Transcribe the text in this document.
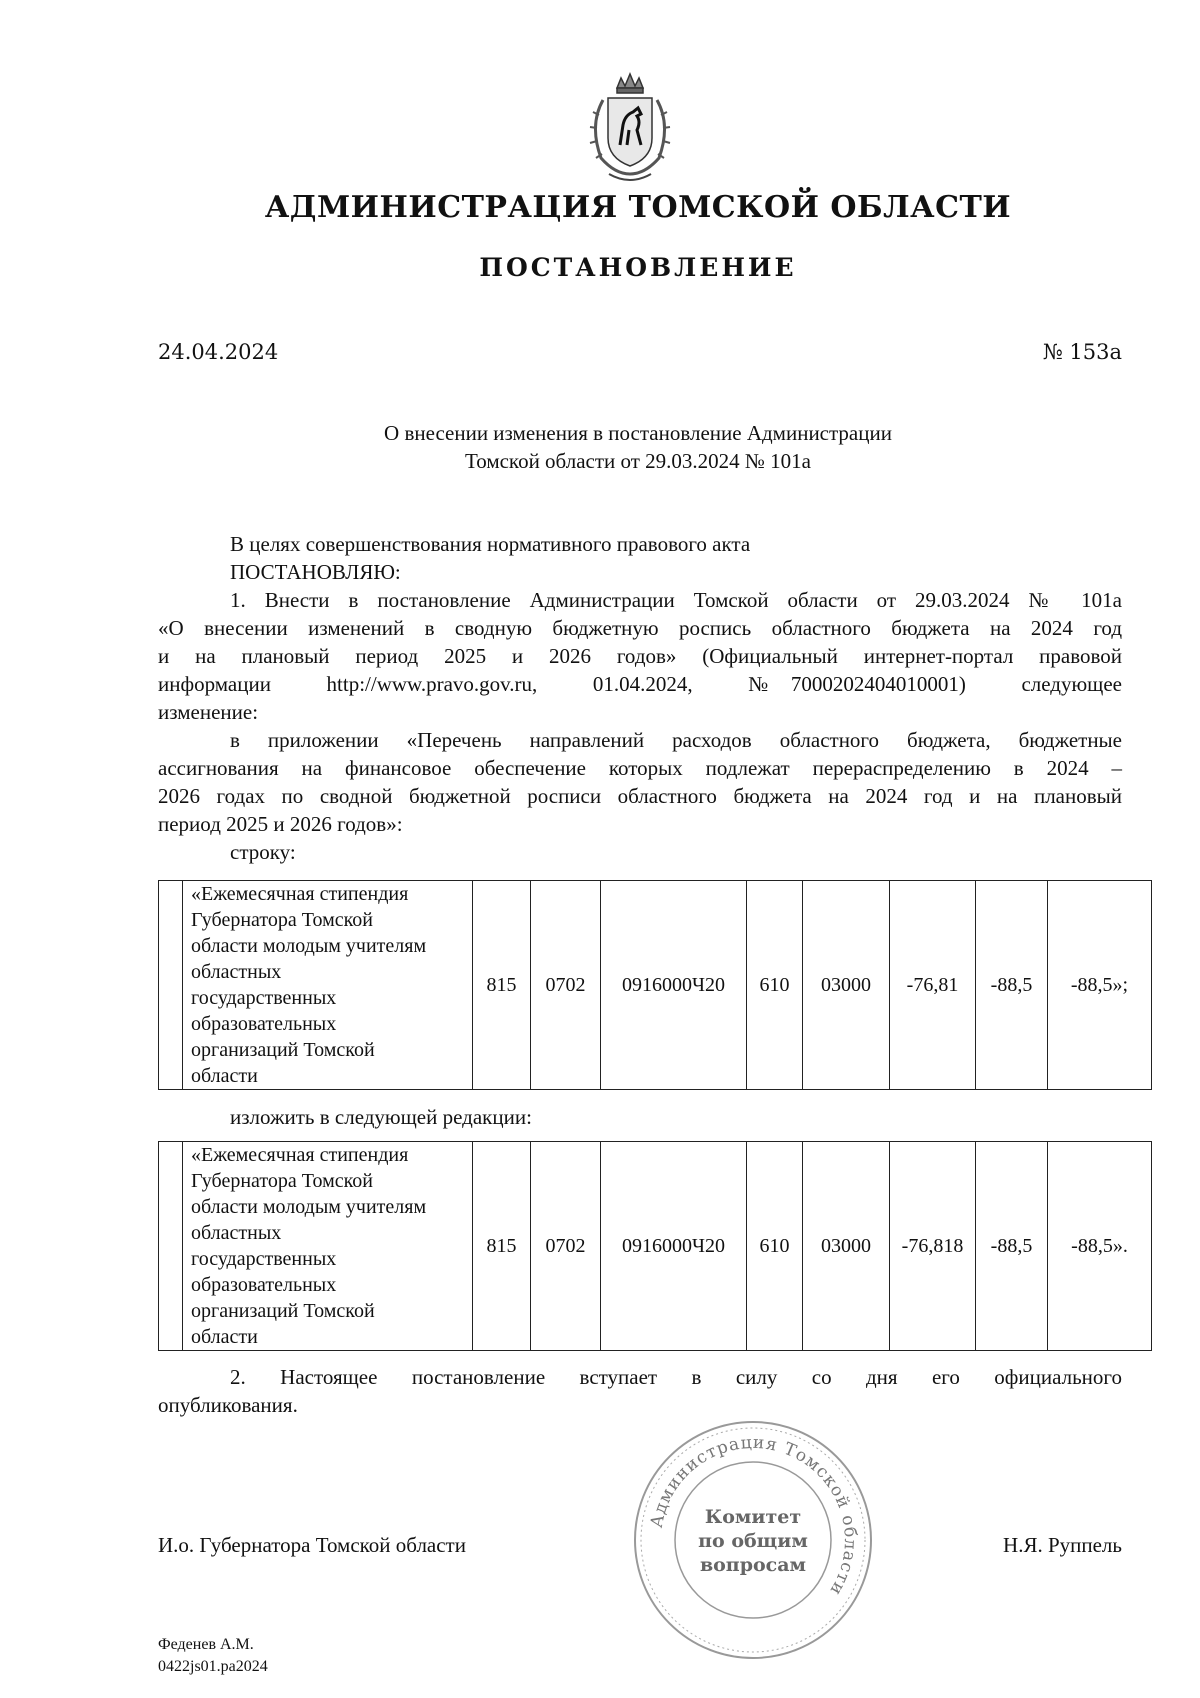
АДМИНИСТРАЦИЯ ТОМСКОЙ ОБЛАСТИ
ПОСТАНОВЛЕНИЕ
24.04.2024	№ 153а
О внесении изменения в постановление Администрации
Томской области от 29.03.2024 № 101а
В целях совершенствования нормативного правового акта
ПОСТАНОВЛЯЮ:
1. Внести в постановление Администрации Томской области от 29.03.2024 № 101а
«О внесении изменений в сводную бюджетную роспись областного бюджета на 2024 год
и на плановый период 2025 и 2026 годов» (Официальный интернет-портал правовой
информации    http://www.pravo.gov.ru,    01.04.2024,    № 7000202404010001)    следующее
изменение:
в приложении «Перечень направлений расходов областного бюджета, бюджетные
ассигнования на финансовое обеспечение которых подлежат перераспределению в 2024 –
2026 годах по сводной бюджетной росписи областного бюджета на 2024 год и на плановый
период 2025 и 2026 годов»:
строку:

«Ежемесячная стипендия
Губернатора Томской
области молодым учителям
областных
государственных
образовательных
организаций Томской
области
	815	0702	0916000Ч20	610	03000	-76,81	-88,5	-88,5»;
изложить в следующей редакции:

«Ежемесячная стипендия
Губернатора Томской
области молодым учителям
областных
государственных
образовательных
организаций Томской
области
	815	0702	0916000Ч20	610	03000	-76,818	-88,5	-88,5».
2. Настоящее постановление вступает в силу со дня его официального
опубликования.
Администрация Томской области
Комитет
по общим
вопросам
И.о. Губернатора Томской области	Н.Я. Руппель
Феденев А.М.
0422js01.pa2024
